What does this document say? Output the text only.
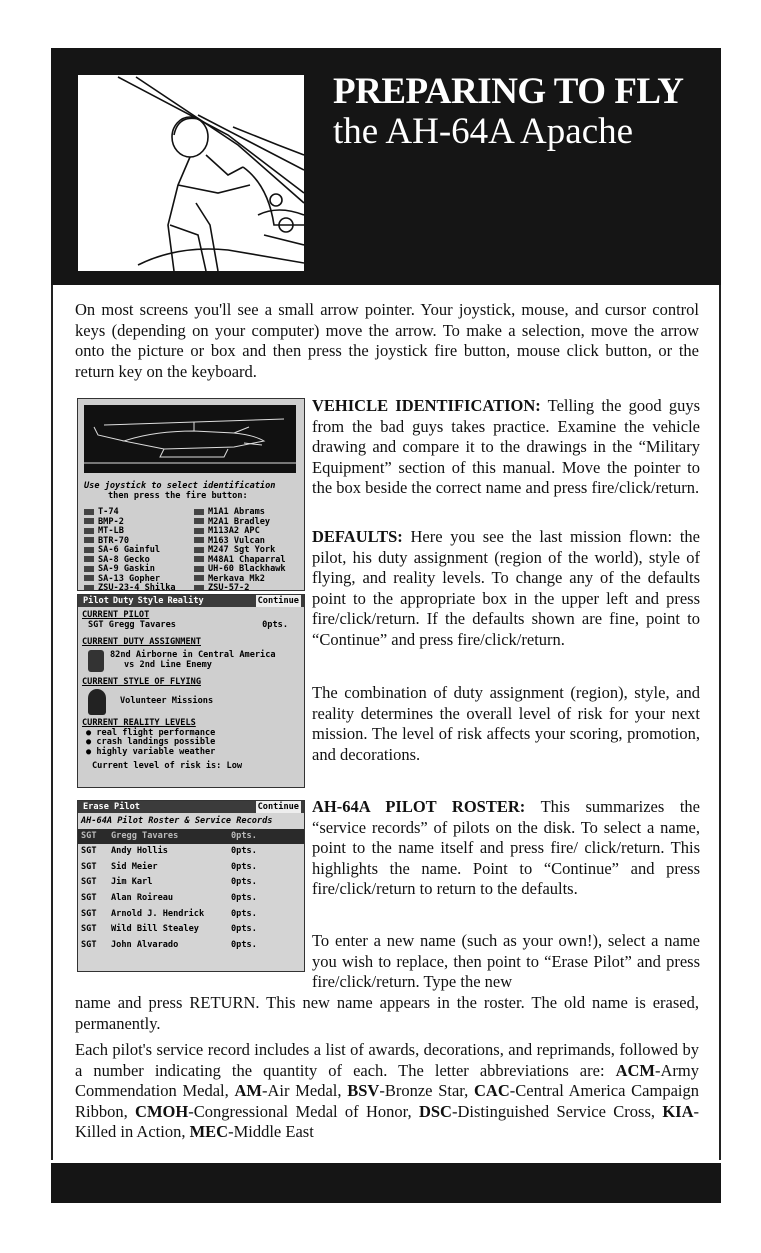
PREPARING TO FLY
the AH-64A Apache
On most screens you'll see a small arrow pointer. Your joystick, mouse, and cursor control keys (depending on your computer) move the arrow. To make a selection, move the arrow onto the picture or box and then press the joystick fire button, mouse click button, or the return key on the keyboard.
Use joystick to select identification
then press the fire button:
T-74
BMP-2
MT-LB
BTR-70
SA-6 Gainful
SA-8 Gecko
SA-9 Gaskin
SA-13 Gopher
ZSU-23-4 Shilka
M1A1 Abrams
M2A1 Bradley
M113A2 APC
M163 Vulcan
M247 Sgt York
M48A1 Chaparral
UH-60 Blackhawk
Merkava Mk2
ZSU-57-2
Pilot Duty Style Reality	Continue
CURRENT PILOT
SGT Gregg Tavares	0pts.
CURRENT DUTY ASSIGNMENT
82nd Airborne in Central America
vs 2nd Line Enemy
CURRENT STYLE OF FLYING
Volunteer Missions
CURRENT REALITY LEVELS
● real flight performance
● crash landings possible
● highly variable weather
Current level of risk is: Low
VEHICLE IDENTIFICATION: Telling the good guys from the bad guys takes practice. Examine the vehicle drawing and compare it to the drawings in the “Military Equipment” section of this manual. Move the pointer to the box beside the correct name and press fire/click/return.
DEFAULTS: Here you see the last mission flown: the pilot, his duty assignment (region of the world), style of flying, and reality levels. To change any of the defaults point to the appropriate box in the upper left and press fire/click/return. If the defaults shown are fine, point to “Continue” and press fire/click/return.
The combination of duty assignment (region), style, and reality determines the overall level of risk for your next mission. The level of risk affects your scoring, promotion, and decorations.
Erase Pilot	Continue
AH-64A Pilot Roster & Service Records
SGT	Gregg Tavares	0pts.
SGT	Andy Hollis	0pts.
SGT	Sid Meier	0pts.
SGT	Jim Karl	0pts.
SGT	Alan Roireau	0pts.
SGT	Arnold J. Hendrick	0pts.
SGT	Wild Bill Stealey	0pts.
SGT	John Alvarado	0pts.
AH-64A PILOT ROSTER: This summarizes the “service records” of pilots on the disk. To select a name, point to the name itself and press fire/ click/return. This highlights the name. Point to “Continue” and press fire/click/return to return to the defaults.
To enter a new name (such as your own!), select a name you wish to replace, then point to “Erase Pilot” and press fire/click/return. Type the new
name and press RETURN. This new name appears in the roster. The old name is erased, permanently.
Each pilot's service record includes a list of awards, decorations, and reprimands, followed by a number indicating the quantity of each. The letter abbreviations are: ACM-Army Commendation Medal, AM-Air Medal, BSV-Bronze Star, CAC-Central America Campaign Ribbon, CMOH-Congressional Medal of Honor, DSC-Distinguished Service Cross, KIA-Killed in Action, MEC-Middle East
